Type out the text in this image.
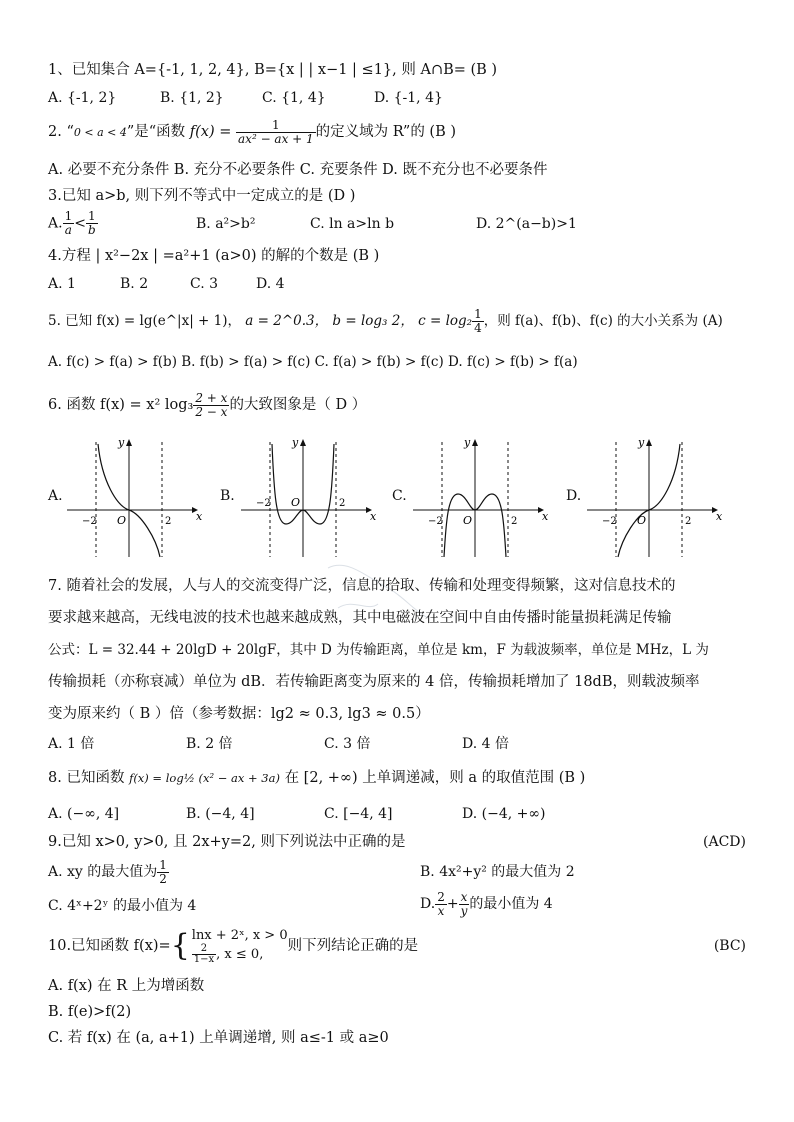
1、已知集合 A={-1, 1, 2, 4}, B={x | | x−1 | ≤1}, 则 A∩B= (B )
A. {-1, 2}	B. {1, 2}	C. {1, 4}	D. {-1, 4}
2. “0 < a < 4”是“函数 $f(x) = \frac{1}{\text{ax² − ax + 1}}$ 的定义域为 R”的 (B )
A. 必要不充分条件 B. 充分不必要条件 C. 充要条件 D. 既不充分也不必要条件
3.已知 a>b, 则下列不等式中一定成立的是 (D )
A. $\frac{1}{a} < \frac{1}{b}$	B. a²>b²	C. ln a>ln b	D. 2^(a−b)>1
4.方程 | x²−2x | =a²+1 (a>0) 的解的个数是 (B )
A. 1	B. 2	C. 3	D. 4
5. 已知 f(x) = lg(e^|x| + 1)， a = 2^0.3， b = log₃ 2， $c = \log_2 \frac{1}{4}$ ，则 f(a)、f(b)、f(c) 的大小关系为 (A)
A. f(c) > f(a) > f(b) B. f(b) > f(a) > f(c) C. f(a) > f(b) > f(c) D. f(c) > f(b) > f(a)
6. 函数 f(x) = x² $\log_3 \frac{2 + x}{2 - x}$ 的大致图象是（ D ）
A.	B.	C.	D.
y
x
O
−2	2
y
x
O
−2	2
y
x
O
−2	2
y
x
O
−2	2
7. 随着社会的发展，人与人的交流变得广泛，信息的拾取、传输和处理变得频繁，这对信息技术的
要求越来越高，无线电波的技术也越来越成熟，其中电磁波在空间中自由传播时能量损耗满足传输
公式：L = 32.44 + 20lgD + 20lgF，其中 D 为传输距离，单位是 km，F 为载波频率，单位是 MHz，L 为
传输损耗（亦称衰减）单位为 dB．若传输距离变为原来的 4 倍，传输损耗增加了 18dB，则载波频率
变为原来约（ B ）倍（参考数据：lg2 ≈ 0.3, lg3 ≈ 0.5）
A. 1 倍	B. 2 倍	C. 3 倍	D. 4 倍
8. 已知函数 f(x) = log½ (x² − ax + 3a) 在 [2, +∞) 上单调递减，则 a 的取值范围 (B )
A. (−∞, 4]	B. (−4, 4]	C. [−4, 4]	D. (−4, +∞)
9.已知 x>0, y>0, 且 2x+y=2, 则下列说法中正确的是	(ACD)
A. xy 的最大值为 $\frac{1}{2}$	B. 4x²+y² 的最大值为 2
C. 4ˣ+2ʸ 的最小值为 4	D. $\frac{2}{x} + \frac{x}{y}$ 的最小值为 4
10.已知函数 f(x)={ lnx + 2ˣ, x > 0
$\frac{2}{1-x}$ , x ≤ 0,	则下列结论正确的是	(BC)
A. f(x) 在 R 上为增函数
B. f(e)>f(2)
C. 若 f(x) 在 (a, a+1) 上单调递增, 则 a≤-1 或 a≥0
